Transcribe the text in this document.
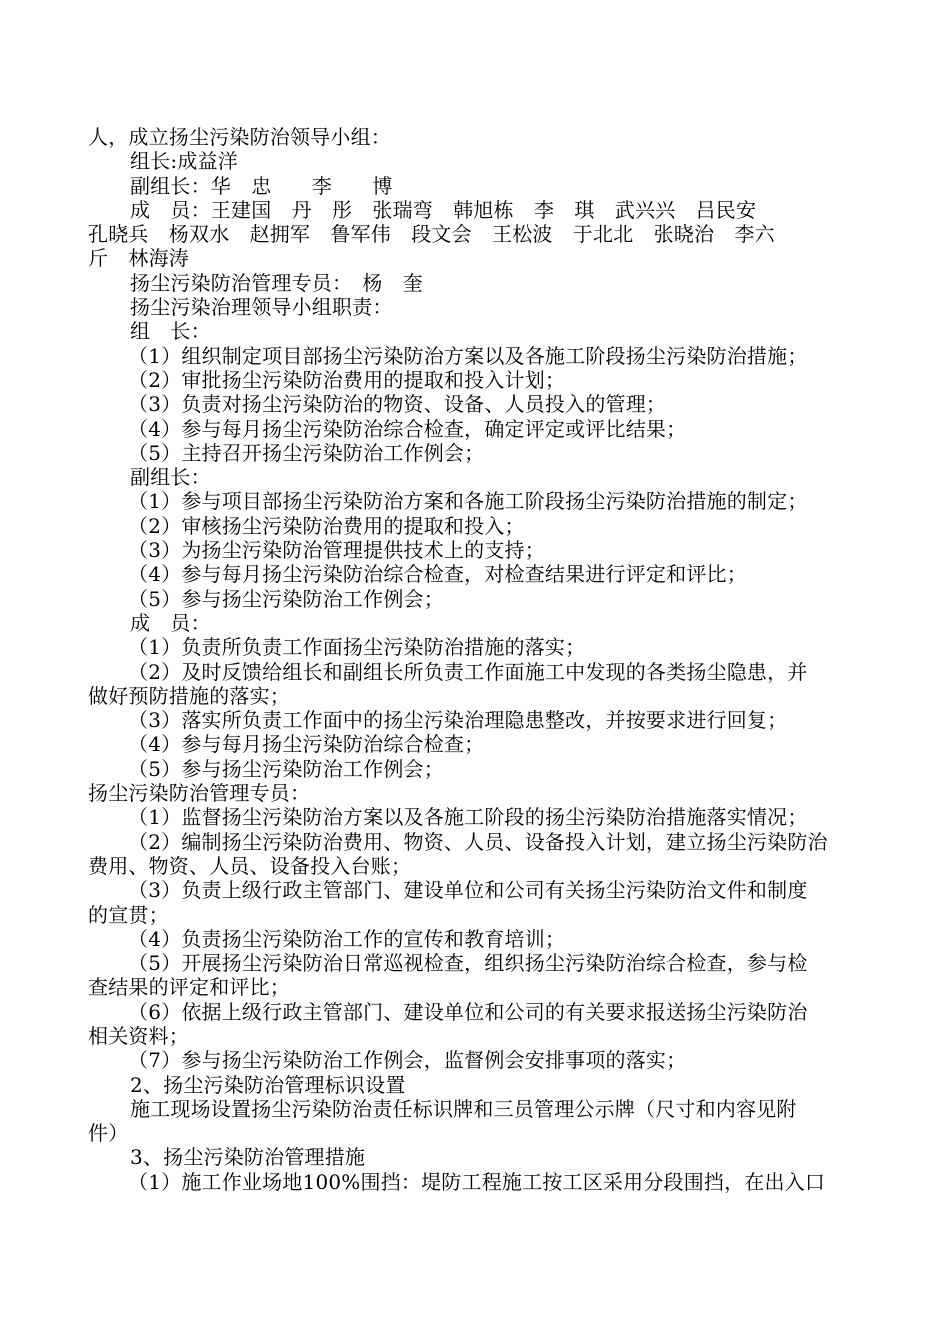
人，成立扬尘污染防治领导小组：
组长:成益洋
副组长：华　忠　　李　　博
成　员：王建国　丹　彤　张瑞弯　韩旭栋　李　琪　武兴兴　吕民安
孔晓兵　杨双水　赵拥军　鲁军伟　段文会　王松波　于北北　张晓治　李六
斤　林海涛
扬尘污染防治管理专员：　杨　奎
扬尘污染治理领导小组职责：
组　长：
（1）组织制定项目部扬尘污染防治方案以及各施工阶段扬尘污染防治措施；
（2）审批扬尘污染防治费用的提取和投入计划；
（3）负责对扬尘污染防治的物资、设备、人员投入的管理；
（4）参与每月扬尘污染防治综合检查，确定评定或评比结果；
（5）主持召开扬尘污染防治工作例会；
副组长：
（1）参与项目部扬尘污染防治方案和各施工阶段扬尘污染防治措施的制定；
（2）审核扬尘污染防治费用的提取和投入；
（3）为扬尘污染防治管理提供技术上的支持；
（4）参与每月扬尘污染防治综合检查，对检查结果进行评定和评比；
（5）参与扬尘污染防治工作例会；
成　员：
（1）负责所负责工作面扬尘污染防治措施的落实；
（2）及时反馈给组长和副组长所负责工作面施工中发现的各类扬尘隐患，并
做好预防措施的落实；
（3）落实所负责工作面中的扬尘污染治理隐患整改，并按要求进行回复；
（4）参与每月扬尘污染防治综合检查；
（5）参与扬尘污染防治工作例会；
扬尘污染防治管理专员：
（1）监督扬尘污染防治方案以及各施工阶段的扬尘污染防治措施落实情况；
（2）编制扬尘污染防治费用、物资、人员、设备投入计划，建立扬尘污染防治
费用、物资、人员、设备投入台账；
（3）负责上级行政主管部门、建设单位和公司有关扬尘污染防治文件和制度
的宣贯；
（4）负责扬尘污染防治工作的宣传和教育培训；
（5）开展扬尘污染防治日常巡视检查，组织扬尘污染防治综合检查，参与检
查结果的评定和评比；
（6）依据上级行政主管部门、建设单位和公司的有关要求报送扬尘污染防治
相关资料；
（7）参与扬尘污染防治工作例会，监督例会安排事项的落实；
2、扬尘污染防治管理标识设置
施工现场设置扬尘污染防治责任标识牌和三员管理公示牌（尺寸和内容见附
件）
3、扬尘污染防治管理措施
（1）施工作业场地100%围挡：堤防工程施工按工区采用分段围挡，在出入口
